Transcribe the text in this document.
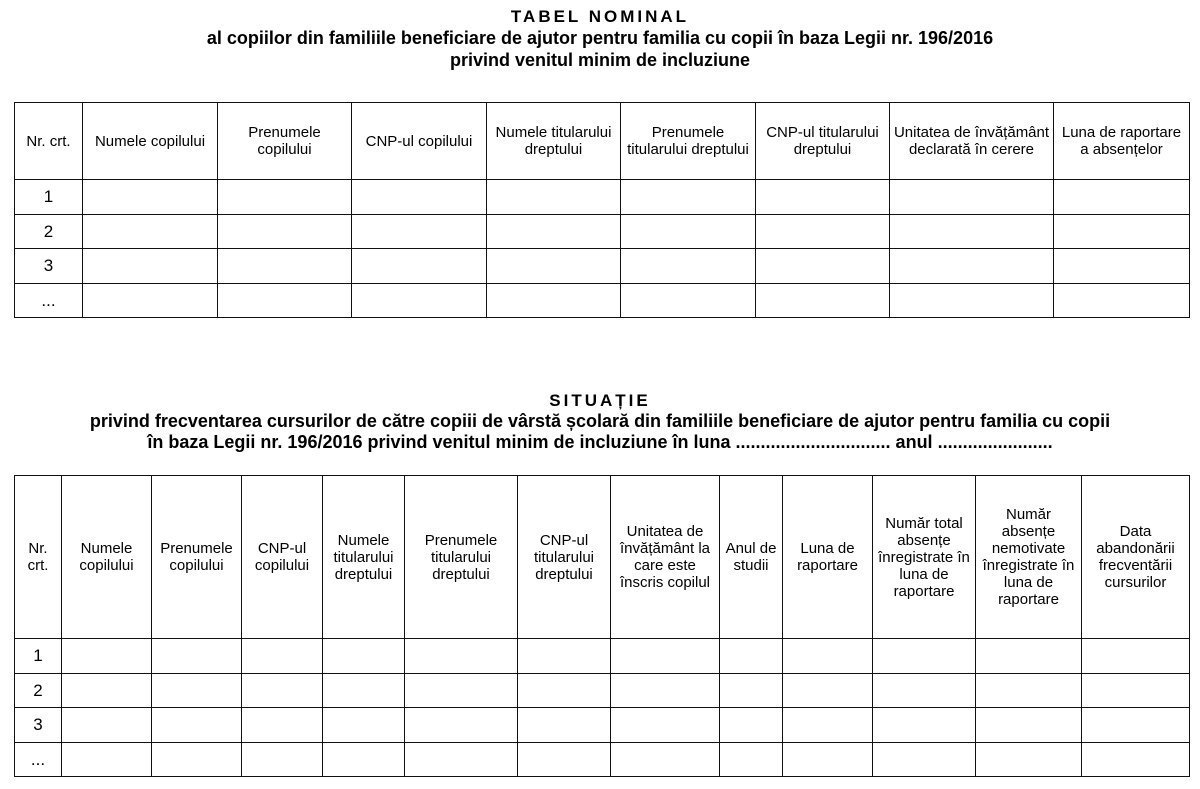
TABEL NOMINAL
al copiilor din familiile beneficiare de ajutor pentru familia cu copii în baza Legii nr. 196/2016
privind venitul minim de incluziune
Nr. crt.	Numele copilului	Prenumele copilului	CNP-ul copilului	Numele titularului dreptului	Prenumele titularului dreptului	CNP-ul titularului dreptului	Unitatea de învățământ declarată în cerere	Luna de raportare a absențelor
1								
2								
3								
...								
SITUAȚIE
privind frecventarea cursurilor de către copiii de vârstă școlară din familiile beneficiare de ajutor pentru familia cu copii
în baza Legii nr. 196/2016 privind venitul minim de incluziune în luna ............................... anul .......................
Nr. crt.	Numele copilului	Prenumele copilului	CNP-ul copilului	Numele titularului dreptului	Prenumele titularului dreptului	CNP-ul titularului dreptului	Unitatea de învățământ la care este înscris copilul	Anul de studii	Luna de raportare	Număr total absențe înregistrate în luna de raportare	Număr absențe nemotivate înregistrate în luna de raportare	Data abandonării frecventării cursurilor
1												
2												
3												
...												
